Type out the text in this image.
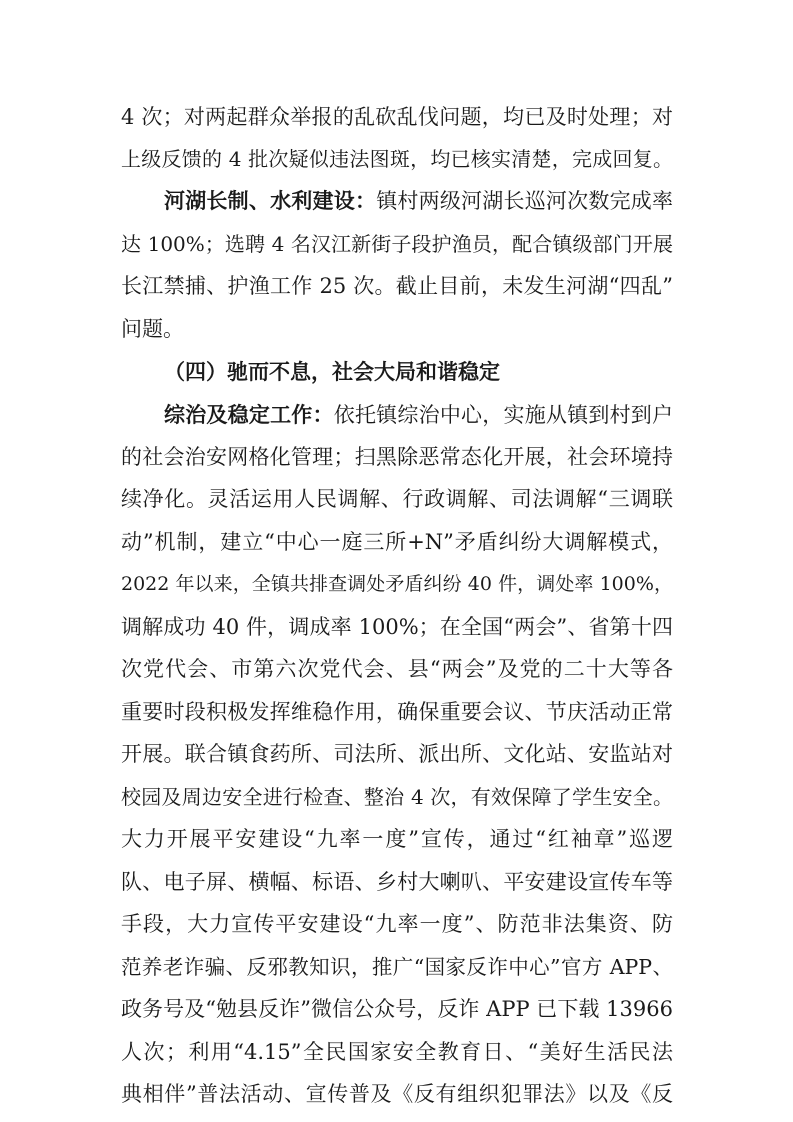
4 次；对两起群众举报的乱砍乱伐问题，均已及时处理；对
上级反馈的 4 批次疑似违法图斑，均已核实清楚，完成回复。
河湖长制、水利建设：镇村两级河湖长巡河次数完成率
达 100%；选聘 4 名汉江新街子段护渔员，配合镇级部门开展
长江禁捕、护渔工作 25 次。截止目前，未发生河湖“四乱”
问题。
（四）驰而不息，社会大局和谐稳定
综治及稳定工作：依托镇综治中心，实施从镇到村到户
的社会治安网格化管理；扫黑除恶常态化开展，社会环境持
续净化。灵活运用人民调解、行政调解、司法调解“三调联
动”机制，建立“中心一庭三所+N”矛盾纠纷大调解模式，
2022 年以来，全镇共排查调处矛盾纠纷 40 件，调处率 100%，
调解成功 40 件，调成率 100%；在全国“两会”、省第十四
次党代会、市第六次党代会、县“两会”及党的二十大等各
重要时段积极发挥维稳作用，确保重要会议、节庆活动正常
开展。联合镇食药所、司法所、派出所、文化站、安监站对
校园及周边安全进行检查、整治 4 次，有效保障了学生安全。
大力开展平安建设“九率一度”宣传，通过“红袖章”巡逻
队、电子屏、横幅、标语、乡村大喇叭、平安建设宣传车等
手段，大力宣传平安建设“九率一度”、防范非法集资、防
范养老诈骗、反邪教知识，推广“国家反诈中心”官方 APP、
政务号及“勉县反诈”微信公众号，反诈 APP 已下载 13966
人次；利用“4.15”全民国家安全教育日、“美好生活民法
典相伴”普法活动、宣传普及《反有组织犯罪法》以及《反
